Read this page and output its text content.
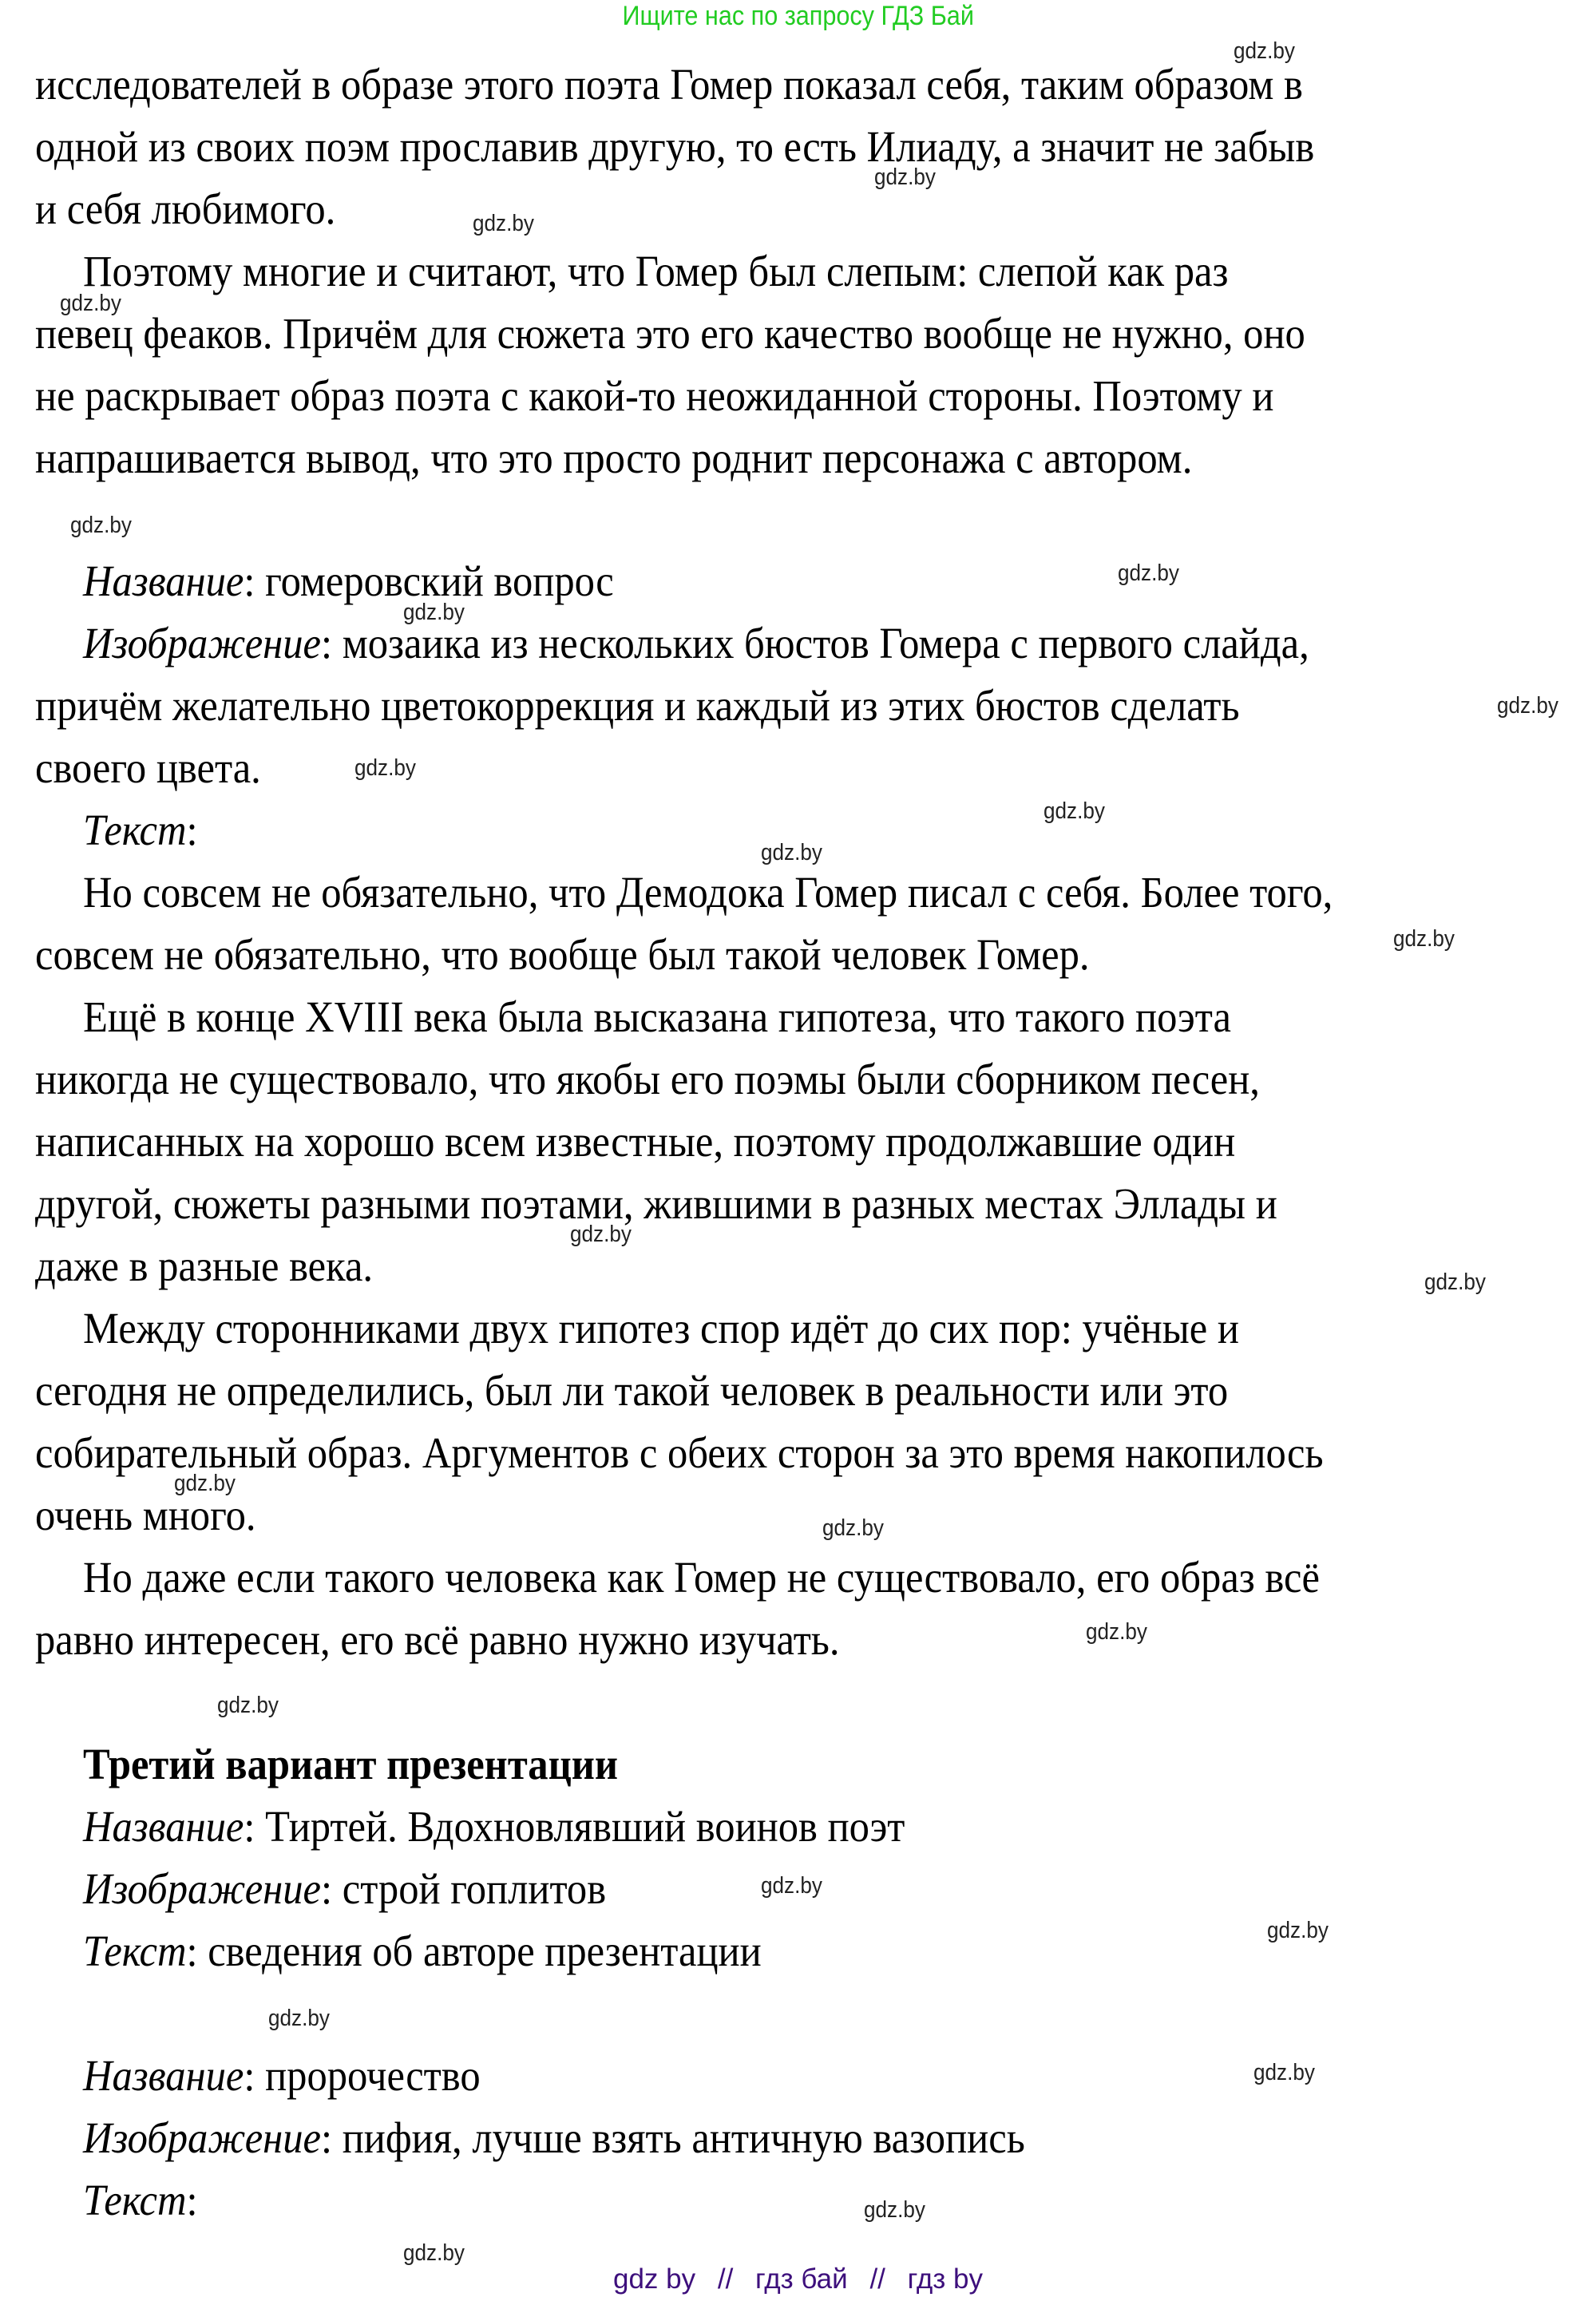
Ищите нас по запросу ГДЗ Бай
исследователей в образе этого поэта Гомер показал себя, таким образом в
одной из своих поэм прославив другую, то есть Илиаду, а значит не забыв
и себя любимого.
Поэтому многие и считают, что Гомер был слепым: слепой как раз
певец феаков. Причём для сюжета это его качество вообще не нужно, оно
не раскрывает образ поэта с какой-то неожиданной стороны. Поэтому и
напрашивается вывод, что это просто роднит персонажа с автором.
Название: гомеровский вопрос
Изображение: мозаика из нескольких бюстов Гомера с первого слайда,
причём желательно цветокоррекция и каждый из этих бюстов сделать
своего цвета.
Текст:
Но совсем не обязательно, что Демодока Гомер писал с себя. Более того,
совсем не обязательно, что вообще был такой человек Гомер.
Ещё в конце XVIII века была высказана гипотеза, что такого поэта
никогда не существовало, что якобы его поэмы были сборником песен,
написанных на хорошо всем известные, поэтому продолжавшие один
другой, сюжеты разными поэтами, жившими в разных местах Эллады и
даже в разные века.
Между сторонниками двух гипотез спор идёт до сих пор: учёные и
сегодня не определились, был ли такой человек в реальности или это
собирательный образ. Аргументов с обеих сторон за это время накопилось
очень много.
Но даже если такого человека как Гомер не существовало, его образ всё
равно интересен, его всё равно нужно изучать.
Третий вариант презентации
Название: Тиртей. Вдохновлявший воинов поэт
Изображение: строй гоплитов
Текст: сведения об авторе презентации
Название: пророчество
Изображение: пифия, лучше взять античную вазопись
Текст:
gdz.by
gdz.by
gdz.by
gdz.by
gdz.by
gdz.by
gdz.by
gdz.by
gdz.by
gdz.by
gdz.by
gdz.by
gdz.by
gdz.by
gdz.by
gdz.by
gdz.by
gdz.by
gdz.by
gdz.by
gdz.by
gdz.by
gdz.by
gdz.by
gdz by // гдз бай // гдз by
